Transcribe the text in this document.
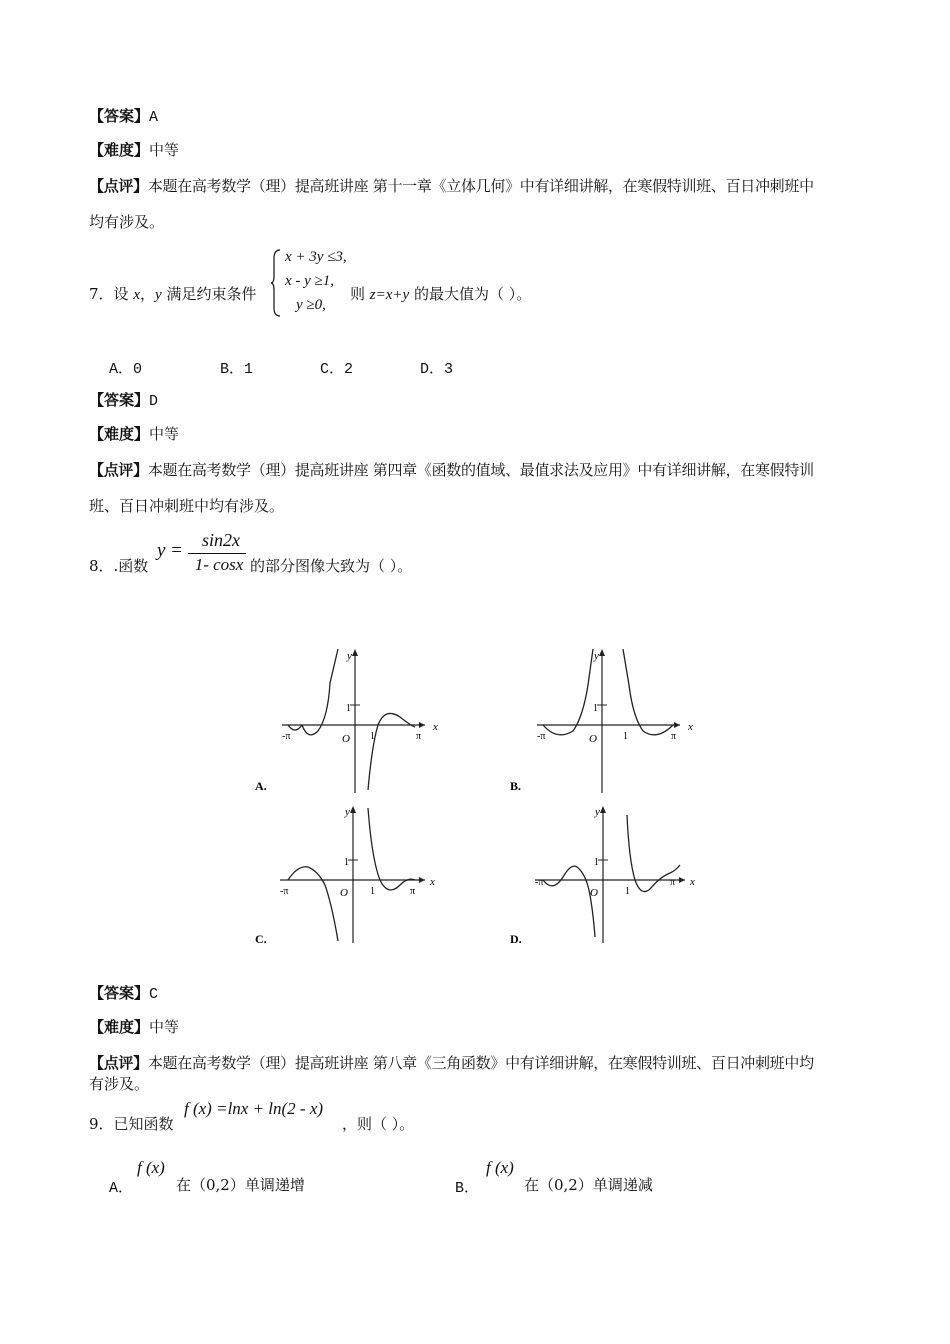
【答案】A
【难度】中等
【点评】本题在高考数学（理）提高班讲座 第十一章《立体几何》中有详细讲解，在寒假特训班、百日冲刺班中
均有涉及。
7．设 x，y 满足约束条件
x + 3y ≤3,
x - y ≥1,
y ≥0,
则 z=x+y 的最大值为（ ）。
A．0	B．1	C．2	D．3
【答案】D
【难度】中等
【点评】本题在高考数学（理）提高班讲座 第四章《函数的值域、最值求法及应用》中有详细讲解，在寒假特训
班、百日冲刺班中均有涉及。
8．.函数
y =	sin2x
1- cosx 的部分图像大致为（ ）。
y
x
O
1
1
-π	π
A.
y
x
O
1
1
-π	π
B.
y
x
O
1
1
-π	π
C.
y
x
O
1
1
-π	π
D.
【答案】C
【难度】中等
【点评】本题在高考数学（理）提高班讲座 第八章《三角函数》中有详细讲解，在寒假特训班、百日冲刺班中均
有涉及。
9．已知函数
f (x) =lnx + ln(2 - x)
，则（ ）。
A．
f (x)
在（0,2）单调递增	B．
f (x)
在（0,2）单调递减
